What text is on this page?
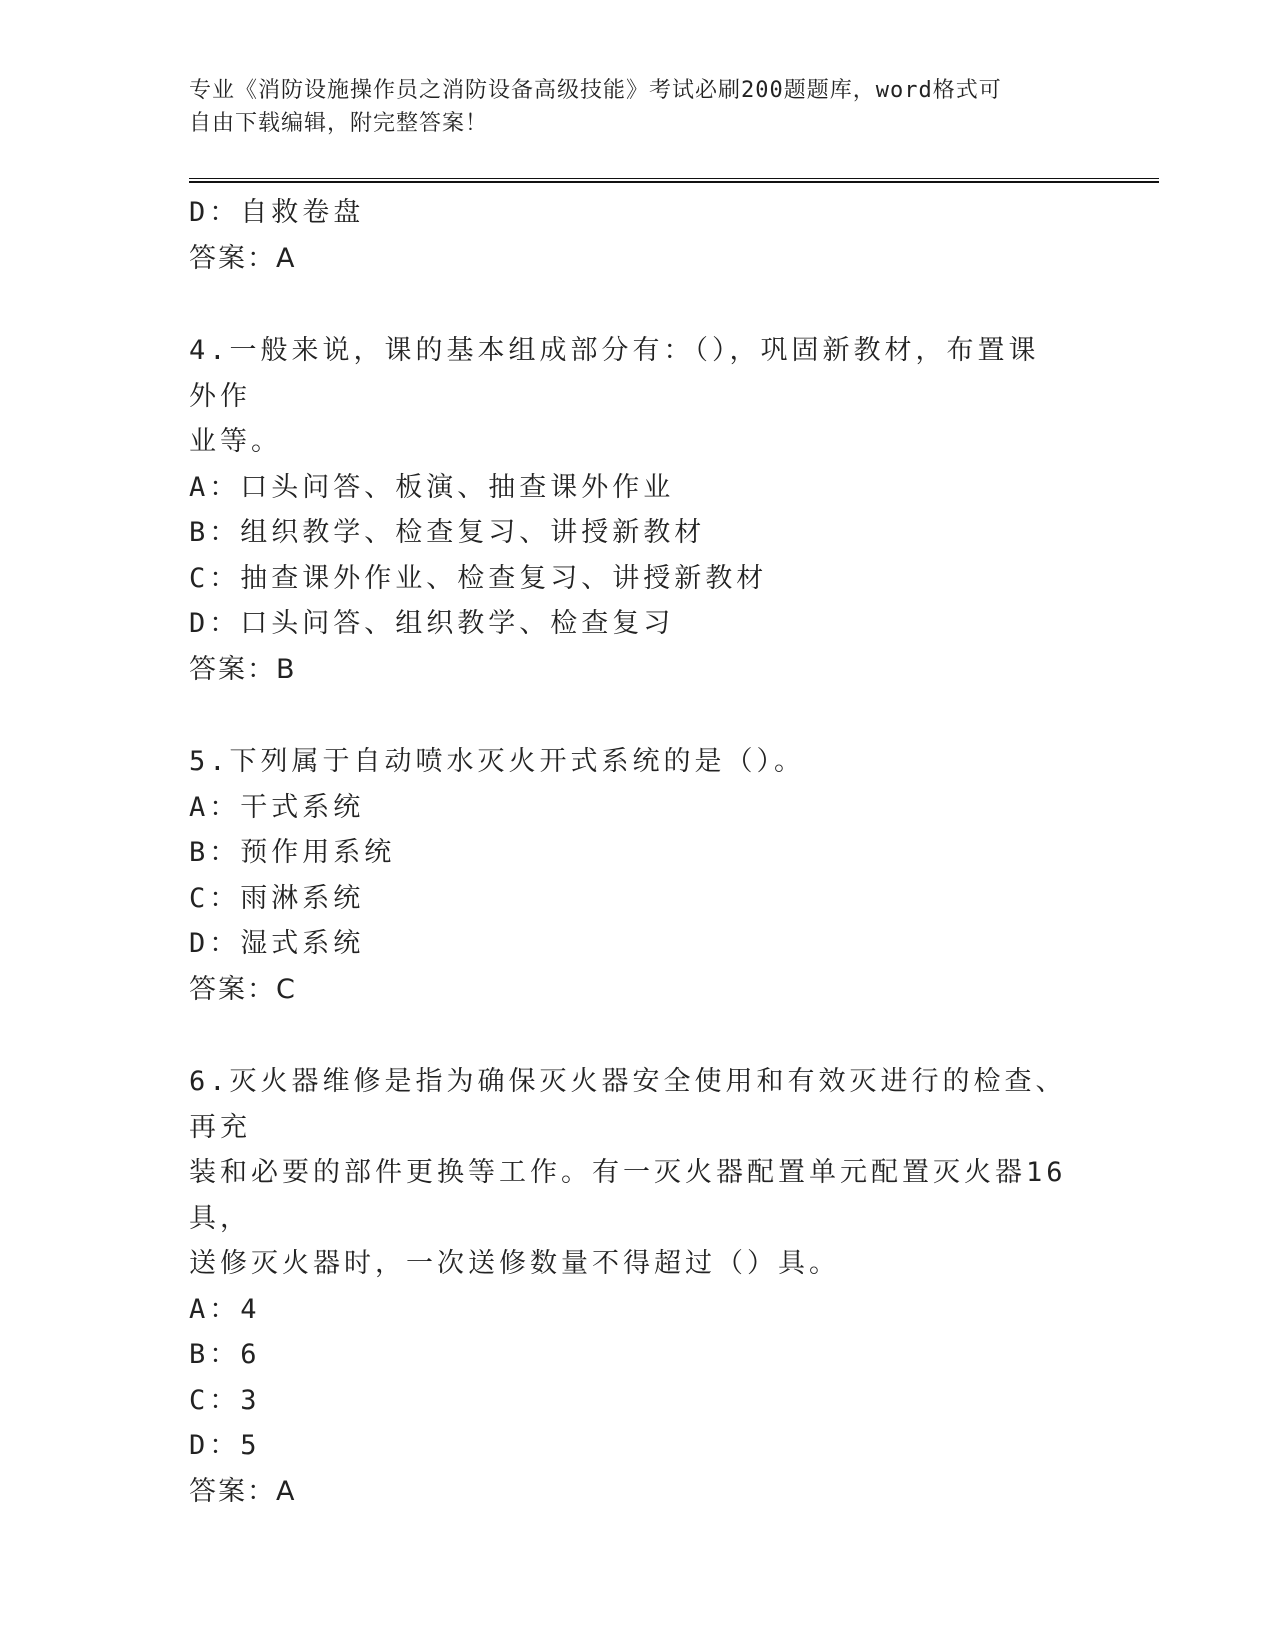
专业《消防设施操作员之消防设备高级技能》考试必刷200题题库，word格式可
自由下载编辑，附完整答案！
D：自救卷盘
答案：A
4.一般来说，课的基本组成部分有：（），巩固新教材，布置课外作
业等。
A：口头问答、板演、抽查课外作业
B：组织教学、检查复习、讲授新教材
C：抽查课外作业、检查复习、讲授新教材
D：口头问答、组织教学、检查复习
答案：B
5.下列属于自动喷水灭火开式系统的是（）。
A：干式系统
B：预作用系统
C：雨淋系统
D：湿式系统
答案：C
6.灭火器维修是指为确保灭火器安全使用和有效灭进行的检查、再充
装和必要的部件更换等工作。有一灭火器配置单元配置灭火器16具，
送修灭火器时，一次送修数量不得超过（）具。
A：4
B：6
C：3
D：5
答案：A
